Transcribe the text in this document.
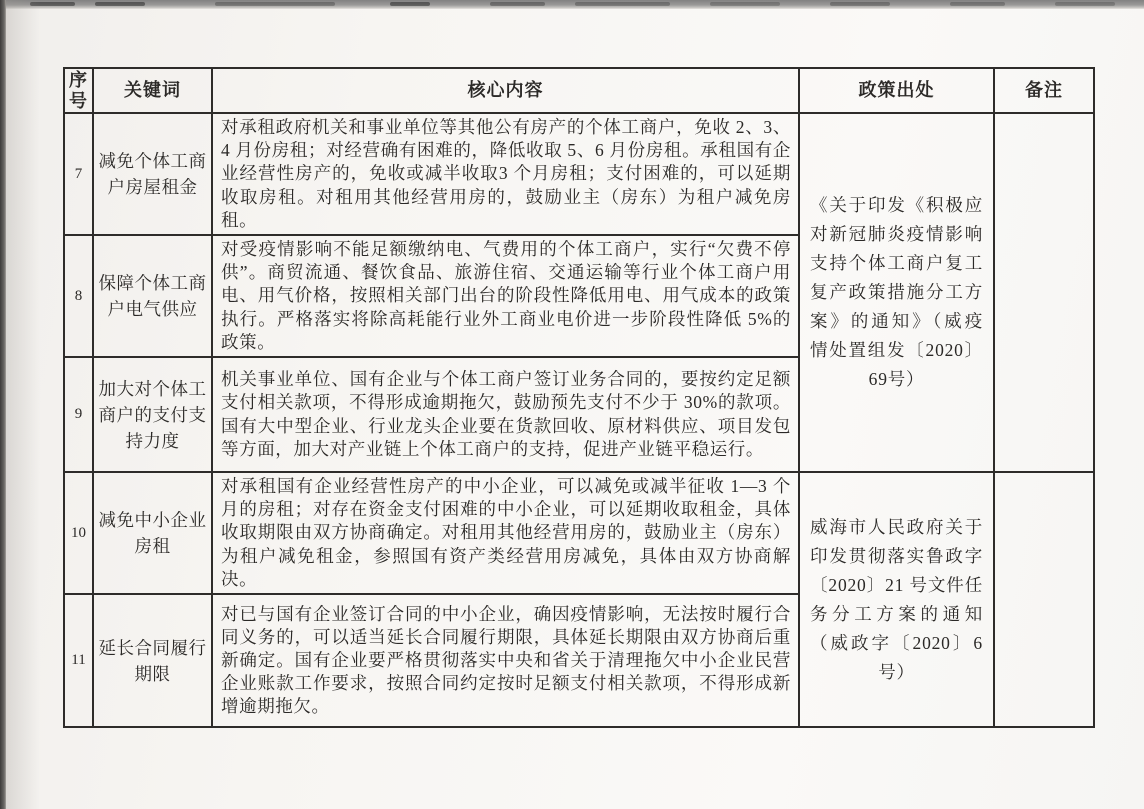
序号	关键词	核心内容	政策出处	备注
7	减免个体工商户房屋租金	对承租政府机关和事业单位等其他公有房产的个体工商户，免收 2、3、4 月份房租；对经营确有困难的，降低收取 5、6 月份房租。承租国有企业经营性房产的，免收或减半收取3 个月房租；支付困难的，可以延期收取房租。对租用其他经营用房的，鼓励业主（房东）为租户减免房租。	《关于印发《积极应对新冠肺炎疫情影响支持个体工商户复工复产政策措施分工方案》的通知》（威疫情处置组发〔2020〕69号）	
8	保障个体工商户电气供应	对受疫情影响不能足额缴纳电、气费用的个体工商户，实行“欠费不停供”。商贸流通、餐饮食品、旅游住宿、交通运输等行业个体工商户用电、用气价格，按照相关部门出台的阶段性降低用电、用气成本的政策执行。严格落实将除高耗能行业外工商业电价进一步阶段性降低 5%的政策。		
9	加大对个体工商户的支付支持力度	机关事业单位、国有企业与个体工商户签订业务合同的，要按约定足额支付相关款项，不得形成逾期拖欠，鼓励预先支付不少于 30%的款项。国有大中型企业、行业龙头企业要在货款回收、原材料供应、项目发包等方面，加大对产业链上个体工商户的支持，促进产业链平稳运行。		
10	减免中小企业房租	对承租国有企业经营性房产的中小企业，可以减免或减半征收 1—3 个月的房租；对存在资金支付困难的中小企业，可以延期收取租金，具体收取期限由双方协商确定。对租用其他经营用房的，鼓励业主（房东）为租户减免租金，参照国有资产类经营用房减免，具体由双方协商解决。	威海市人民政府关于印发贯彻落实鲁政字〔2020〕21 号文件任务分工方案的通知（威政字〔2020〕6号）	
11	延长合同履行期限	对已与国有企业签订合同的中小企业，确因疫情影响，无法按时履行合同义务的，可以适当延长合同履行期限，具体延长期限由双方协商后重新确定。国有企业要严格贯彻落实中央和省关于清理拖欠中小企业民营企业账款工作要求，按照合同约定按时足额支付相关款项，不得形成新增逾期拖欠。		
